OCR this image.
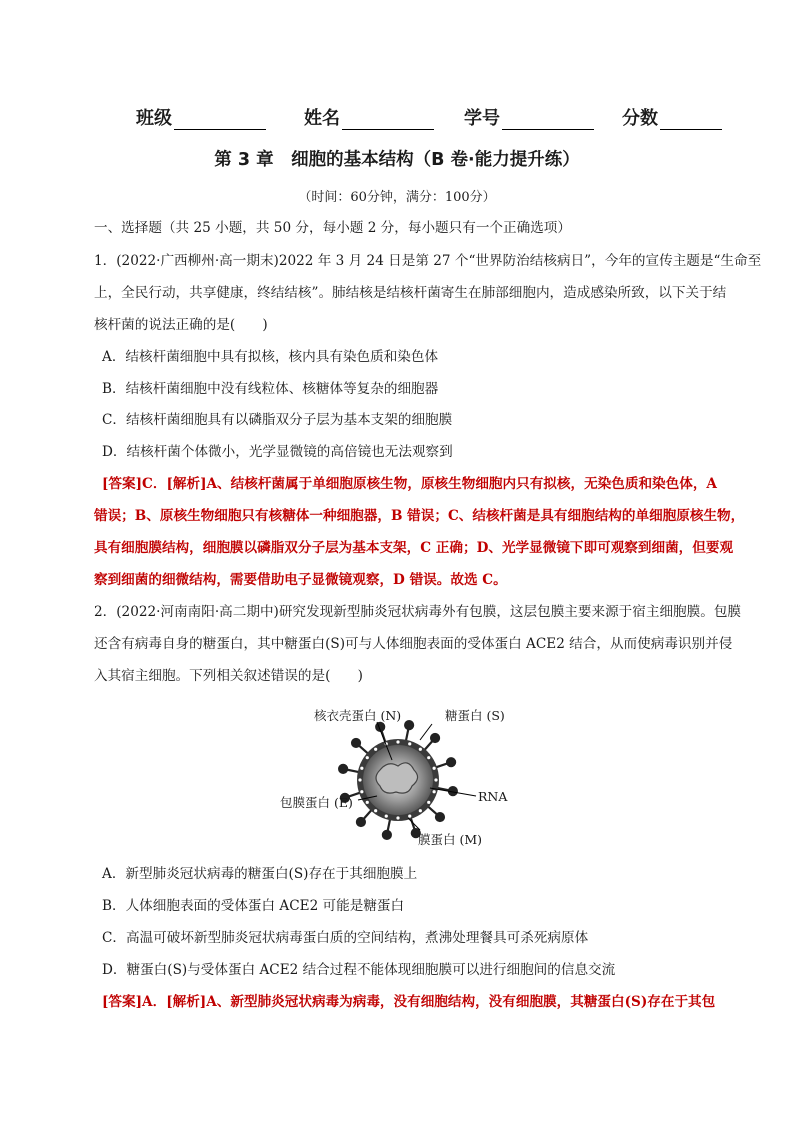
班级	姓名	学号	分数
第 3 章　细胞的基本结构（B 卷·能力提升练）
（时间：60分钟，满分：100分）
一、选择题（共 25 小题，共 50 分，每小题 2 分，每小题只有一个正确选项）
1．(2022·广西柳州·高一期末)2022 年 3 月 24 日是第 27 个“世界防治结核病日”，今年的宣传主题是“生命至
上，全民行动，共享健康，终结结核”。肺结核是结核杆菌寄生在肺部细胞内，造成感染所致，以下关于结
核杆菌的说法正确的是(　　)
A．结核杆菌细胞中具有拟核，核内具有染色质和染色体
B．结核杆菌细胞中没有线粒体、核糖体等复杂的细胞器
C．结核杆菌细胞具有以磷脂双分子层为基本支架的细胞膜
D．结核杆菌个体微小，光学显微镜的高倍镜也无法观察到
[答案]C．[解析]A、结核杆菌属于单细胞原核生物，原核生物细胞内只有拟核，无染色质和染色体，A
错误；B、原核生物细胞只有核糖体一种细胞器，B 错误；C、结核杆菌是具有细胞结构的单细胞原核生物，
具有细胞膜结构，细胞膜以磷脂双分子层为基本支架，C 正确；D、光学显微镜下即可观察到细菌，但要观
察到细菌的细微结构，需要借助电子显微镜观察，D 错误。故选 C。
2．(2022·河南南阳·高二期中)研究发现新型肺炎冠状病毒外有包膜，这层包膜主要来源于宿主细胞膜。包膜
还含有病毒自身的糖蛋白，其中糖蛋白(S)可与人体细胞表面的受体蛋白 ACE2 结合，从而使病毒识别并侵
入其宿主细胞。下列相关叙述错误的是(　　)
核衣壳蛋白 (N)	糖蛋白 (S)
包膜蛋白 (E)	RNA
膜蛋白 (M)
A．新型肺炎冠状病毒的糖蛋白(S)存在于其细胞膜上
B．人体细胞表面的受体蛋白 ACE2 可能是糖蛋白
C．高温可破坏新型肺炎冠状病毒蛋白质的空间结构，煮沸处理餐具可杀死病原体
D．糖蛋白(S)与受体蛋白 ACE2 结合过程不能体现细胞膜可以进行细胞间的信息交流
[答案]A．[解析]A、新型肺炎冠状病毒为病毒，没有细胞结构，没有细胞膜，其糖蛋白(S)存在于其包
